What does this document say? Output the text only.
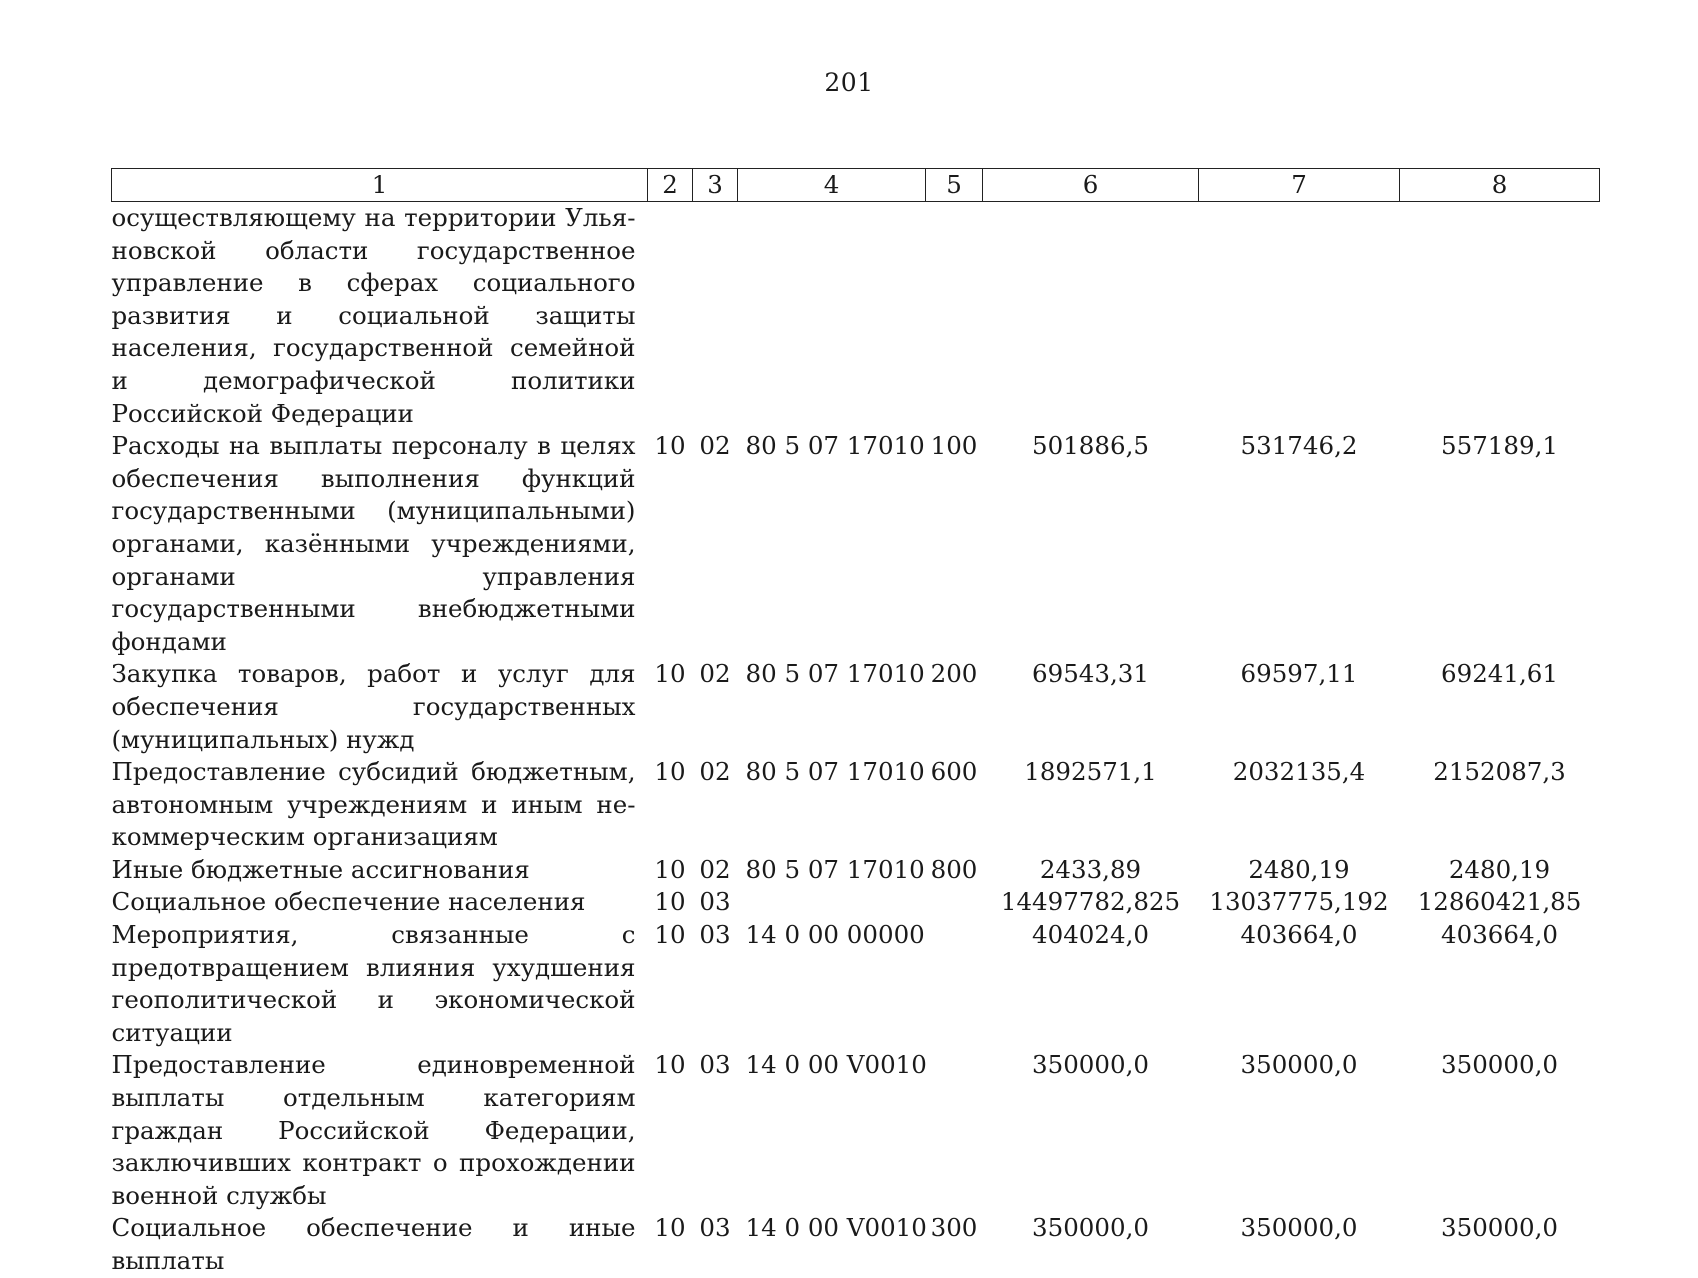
201
1	2	3	4	5	6	7	8
осуществляющему на территории Ульяновской области государственное управление в сферах социального развития и социальной защиты населения, государственной семейной и демографической политики Российской Федерации							
Расходы на выплаты персоналу в целях обеспечения выполнения функций государственными (муниципальными) органами, казёнными учреждениями, органами управления государственными внебюджетными фондами	10	02	80 5 07 17010	100	501886,5	531746,2	557189,1
Закупка товаров, работ и услуг для обеспечения государственных (муниципальных) нужд	10	02	80 5 07 17010	200	69543,31	69597,11	69241,61
Предоставление субсидий бюджетным, автономным учреждениям и иным некоммерческим организациям	10	02	80 5 07 17010	600	1892571,1	2032135,4	2152087,3
Иные бюджетные ассигнования	10	02	80 5 07 17010	800	2433,89	2480,19	2480,19
Социальное обеспечение населения	10	03			14497782,825	13037775,192	12860421,85
Мероприятия, связанные с предотвращением влияния ухудшения геополитической и экономической ситуации	10	03	14 0 00 00000		404024,0	403664,0	403664,0
Предоставление единовременной выплаты отдельным категориям граждан Российской Федерации, заключивших контракт о прохождении военной службы	10	03	14 0 00 V0010		350000,0	350000,0	350000,0
Социальное обеспечение и иные выплаты	10	03	14 0 00 V0010	300	350000,0	350000,0	350000,0
